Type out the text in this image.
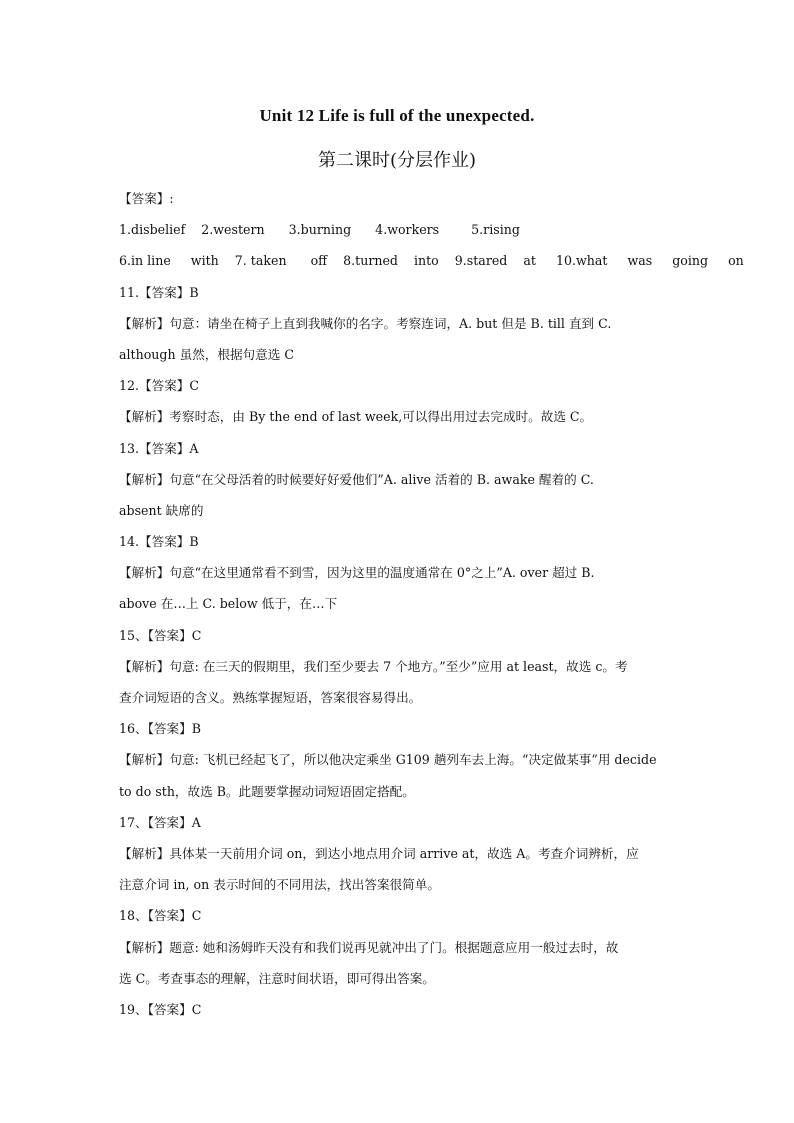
Unit 12 Life is full of the unexpected.
第二课时(分层作业)
【答案】:
1.disbelief    2.western      3.burning      4.workers        5.rising
6.in line     with    7. taken      off    8.turned    into    9.stared    at     10.what     was     going     on
11.【答案】B
【解析】句意：请坐在椅子上直到我喊你的名字。考察连词，A. but 但是 B. till 直到 C.
although 虽然，根据句意选 C
12.【答案】C
【解析】考察时态，由 By the end of last week,可以得出用过去完成时。故选 C。
13.【答案】A
【解析】句意“在父母活着的时候要好好爱他们”A. alive 活着的 B. awake 醒着的 C.
absent 缺席的
14.【答案】B
【解析】句意“在这里通常看不到雪，因为这里的温度通常在 0°之上”A. over 超过 B.
above 在…上 C. below 低于，在…下
15、【答案】C
【解析】句意: 在三天的假期里，我们至少要去 7 个地方。”至少”应用 at least，故选 c。考
查介词短语的含义。熟练掌握短语，答案很容易得出。
16、【答案】B
【解析】句意: 飞机已经起飞了，所以他决定乘坐 G109 趟列车去上海。“决定做某事”用 decide
to do sth，故选 B。此题要掌握动词短语固定搭配。
17、【答案】A
【解析】具体某一天前用介词 on，到达小地点用介词 arrive at，故选 A。考查介词辨析，应
注意介词 in, on 表示时间的不同用法，找出答案很简单。
18、【答案】C
【解析】题意: 她和汤姆昨天没有和我们说再见就冲出了门。根据题意应用一般过去时，故
选 C。考查事态的理解，注意时间状语，即可得出答案。
19、【答案】C
